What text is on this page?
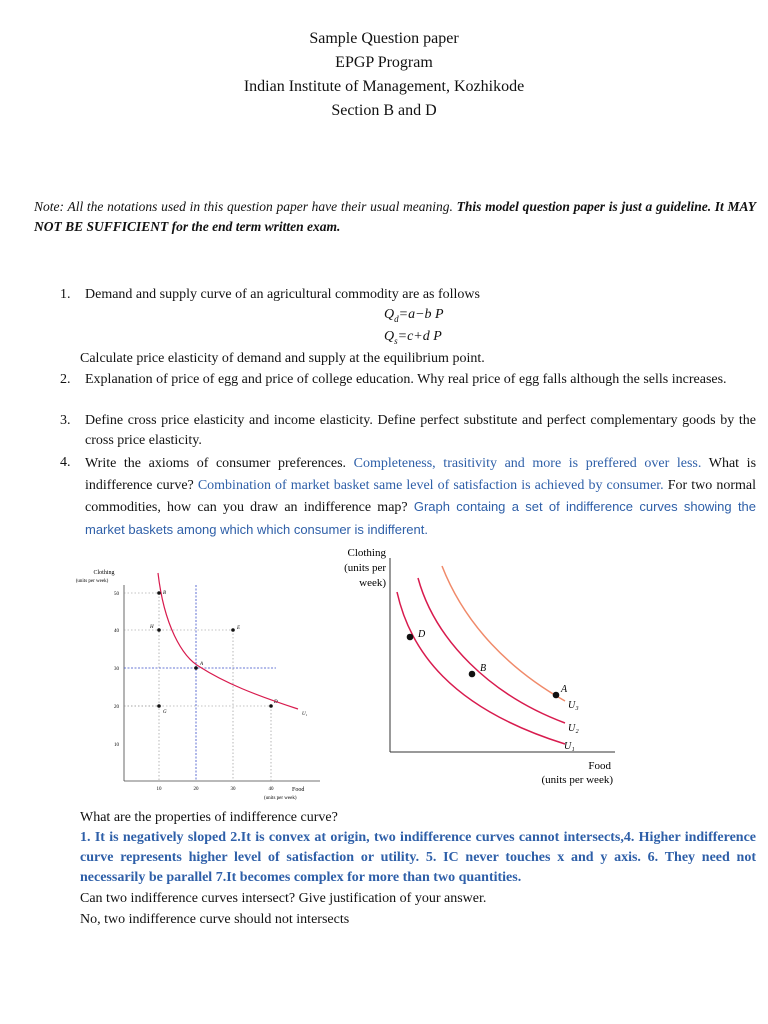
Sample Question paper
EPGP Program
Indian Institute of Management, Kozhikode
Section B and D
Note: All the notations used in this question paper have their usual meaning. This model question paper is just a guideline. It MAY NOT BE SUFFICIENT for the end term written exam.
1. Demand and supply curve of an agricultural commodity are as follows
$Q_d=a-b$ P
$Q_s=c+d$ P
Calculate price elasticity of demand and supply at the equilibrium point.
2. Explanation of price of egg and price of college education. Why real price of egg falls although the sells increases.
3. Define cross price elasticity and income elasticity. Define perfect substitute and perfect complementary goods by the cross price elasticity.
4. Write the axioms of consumer preferences. Completeness, trasitivity and more is preffered over less. What is indifference curve? Combination of market basket same level of satisfaction is achieved by consumer. For two normal commodities, how can you draw an indifference map? Graph containg a set of indifference curves showing the market baskets among which which consumer is indifferent.
Clothing
(units per week)
50
40
30
20
10
10	20	30	40	Food
(units per week)
B
H	E
A
G
D
U₁
Clothing
(units per
week)
Food
(units per week)
D
B
A
U₃
U₂
U₁
What are the properties of indifference curve?
1. It is negatively sloped 2.It is convex at origin, two indifference curves cannot intersects,4. Higher indifference curve represents higher level of satisfaction or utility. 5. IC never touches x and y axis. 6. They need not necessarily be parallel 7.It becomes complex for more than two quantities.
Can two indifference curves intersect? Give justification of your answer.
No, two indifference curve should not intersects
